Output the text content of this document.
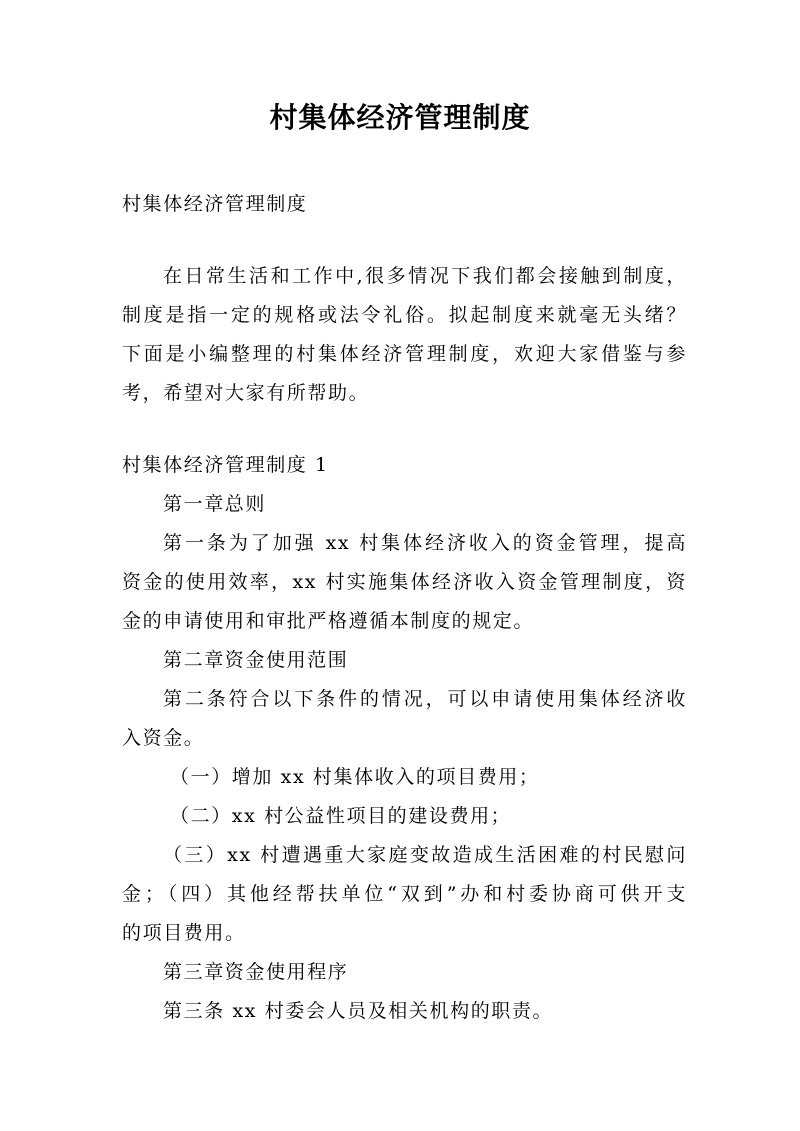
村集体经济管理制度
村集体经济管理制度
在日常生活和工作中,很多情况下我们都会接触到制度，
制度是指一定的规格或法令礼俗。拟起制度来就毫无头绪？
下面是小编整理的村集体经济管理制度，欢迎大家借鉴与参
考，希望对大家有所帮助。
村集体经济管理制度 1
第一章总则
第一条为了加强 xx 村集体经济收入的资金管理，提高
资金的使用效率，xx 村实施集体经济收入资金管理制度，资
金的申请使用和审批严格遵循本制度的规定。
第二章资金使用范围
第二条符合以下条件的情况，可以申请使用集体经济收
入资金。
（一）增加 xx 村集体收入的项目费用；
（二）xx 村公益性项目的建设费用；
（三）xx 村遭遇重大家庭变故造成生活困难的村民慰问
金；（四）其他经帮扶单位“双到”办和村委协商可供开支
的项目费用。
第三章资金使用程序
第三条 xx 村委会人员及相关机构的职责。
